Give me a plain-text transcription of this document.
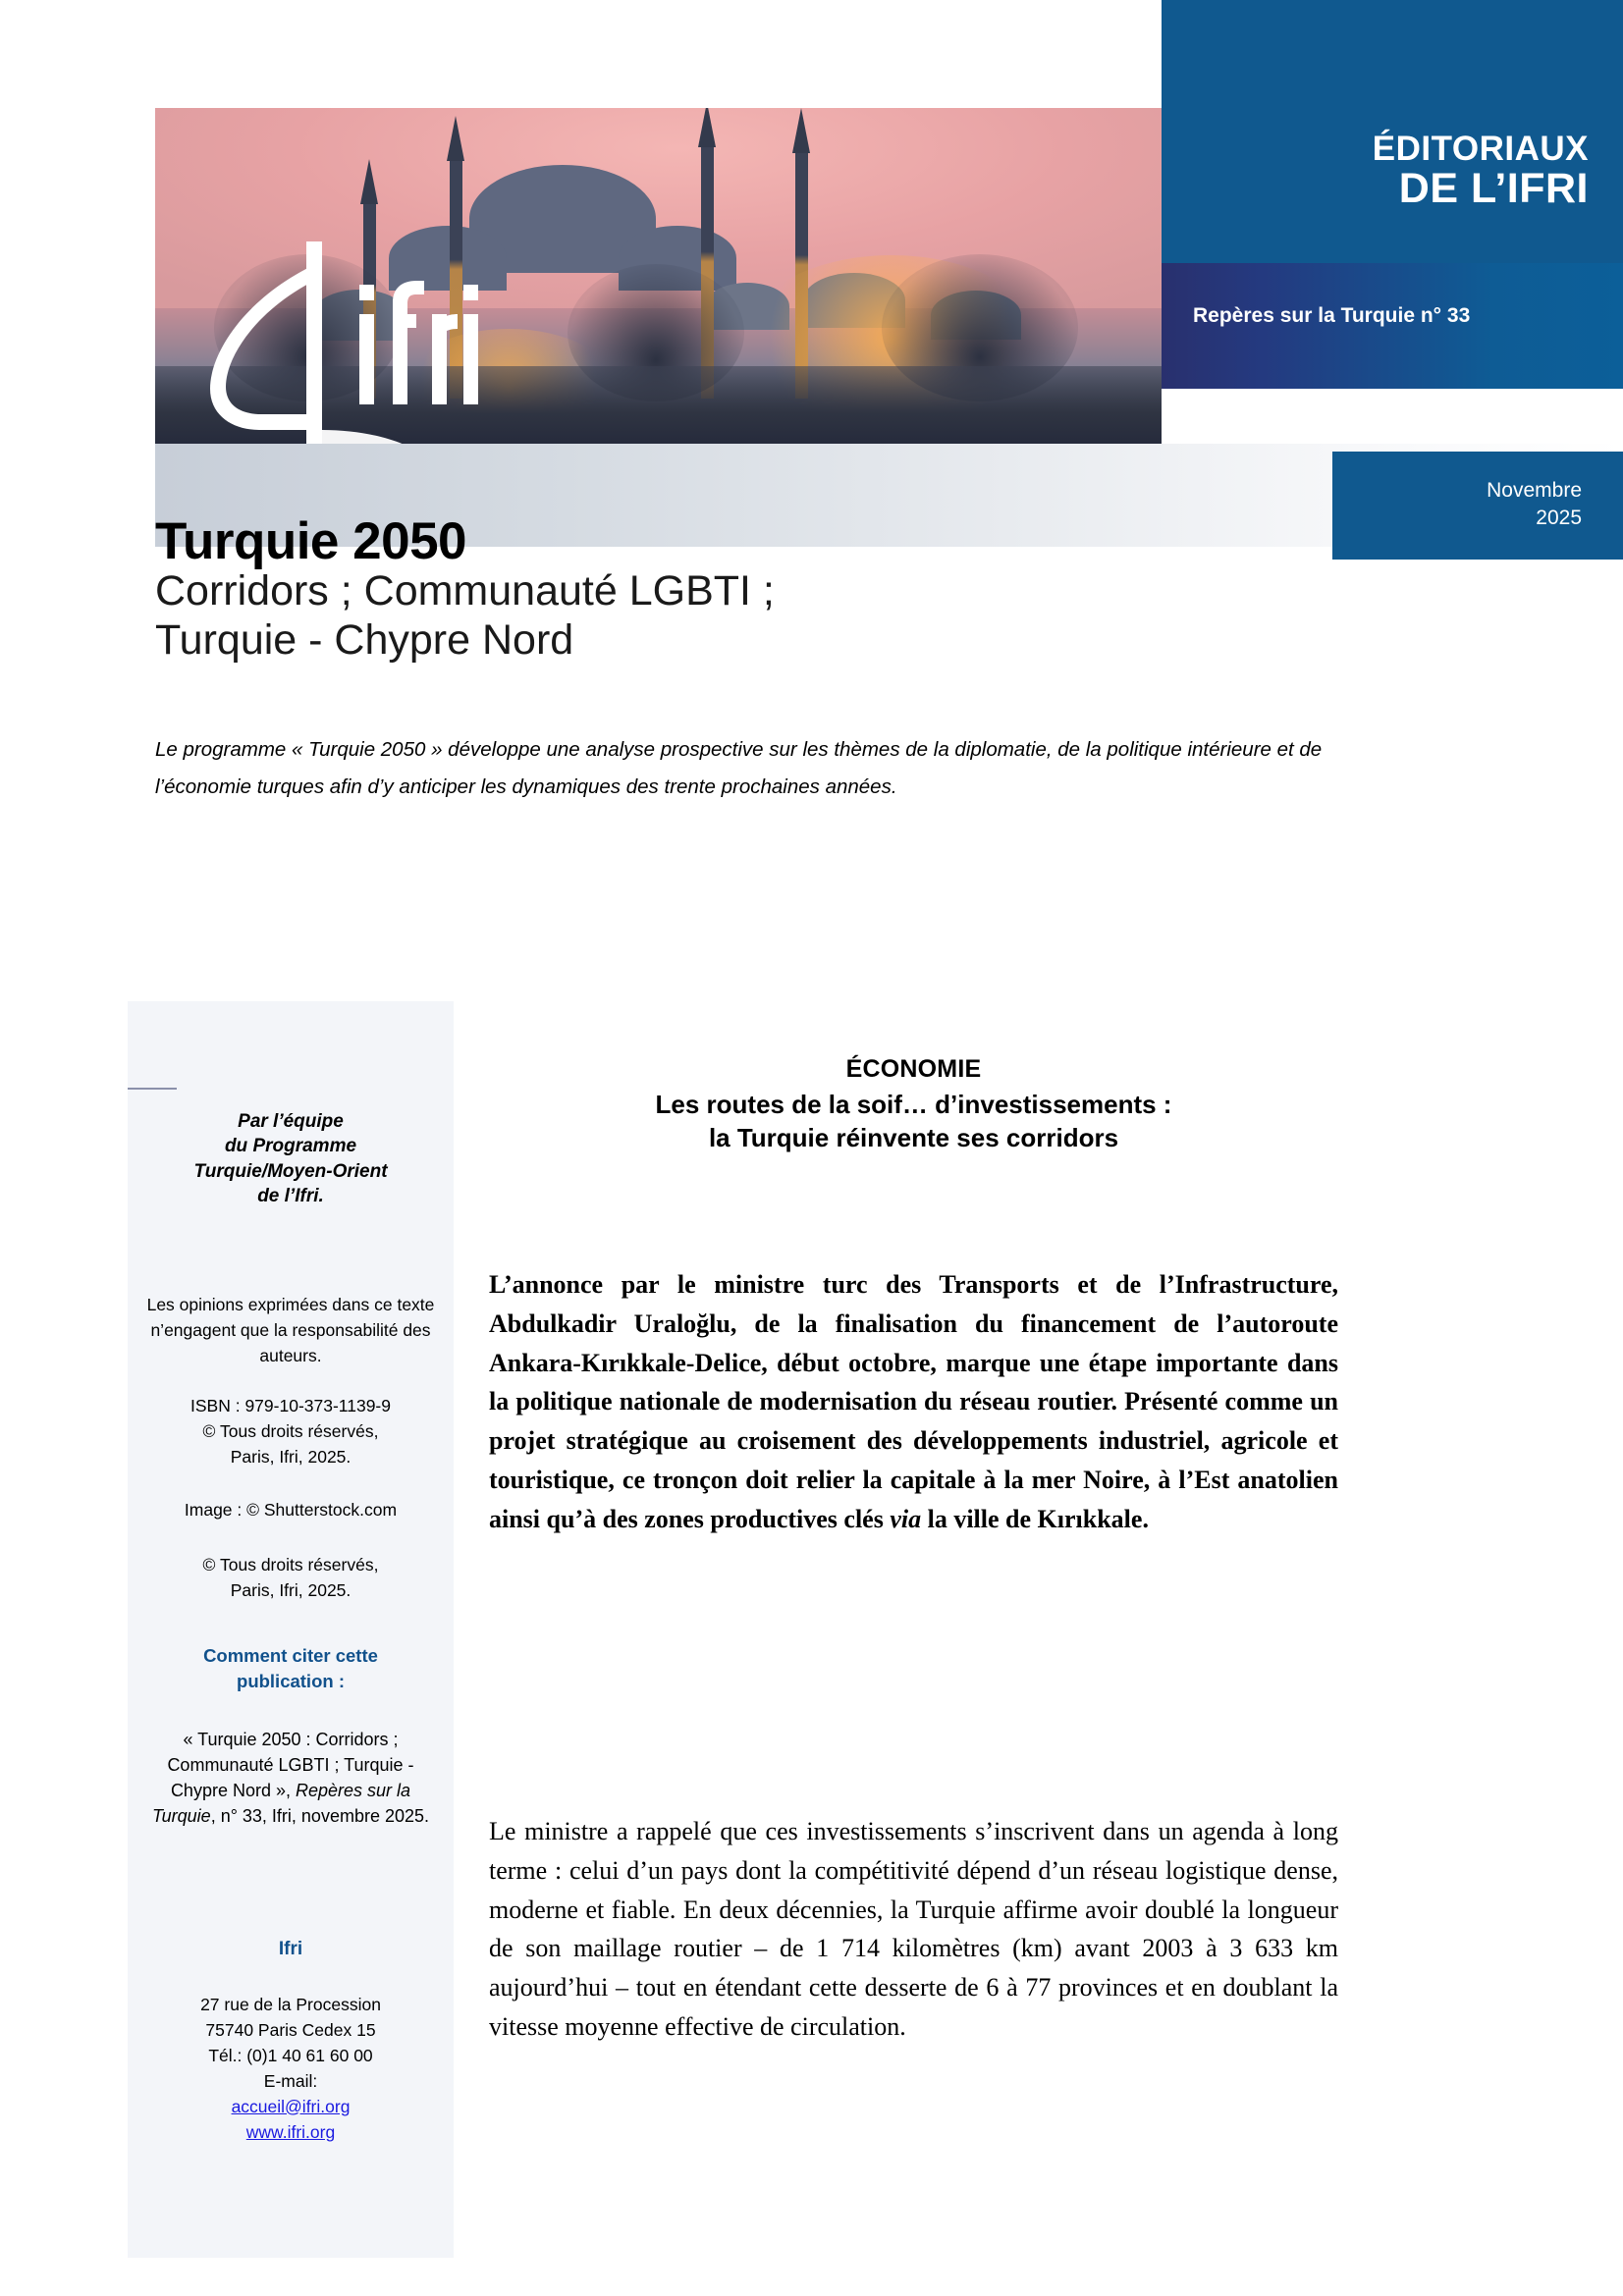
ÉDITORIAUX
DE L’IFRI
Repères sur la Turquie n° 33
Novembre
2025
Turquie 2050
Corridors ; Communauté LGBTI ;
Turquie - Chypre Nord
Le programme « Turquie 2050 » développe une analyse prospective sur les thèmes de la diplomatie, de la politique intérieure et de l’économie turques afin d’y anticiper les dynamiques des trente prochaines années.
Par l’équipe
du Programme
Turquie/Moyen-Orient
de l’Ifri.
Les opinions exprimées dans ce texte n’engagent que la responsabilité des auteurs.
ISBN : 979-10-373-1139-9
© Tous droits réservés,
Paris, Ifri, 2025.
Image : © Shutterstock.com
© Tous droits réservés,
Paris, Ifri, 2025.
Comment citer cette
publication :
« Turquie 2050 : Corridors ; Communauté LGBTI ; Turquie - Chypre Nord », Repères sur la Turquie, n° 33, Ifri, novembre 2025.
Ifri
27 rue de la Procession
75740 Paris Cedex 15
Tél.: (0)1 40 61 60 00
E-mail:
accueil@ifri.org
www.ifri.org
ÉCONOMIE
Les routes de la soif… d’investissements :
la Turquie réinvente ses corridors

L’annonce par le ministre turc des Transports et de l’Infrastructure, Abdulkadir Uraloğlu, de la finalisation du financement de l’autoroute Ankara-Kırıkkale-Delice, début octobre, marque une étape importante dans la politique nationale de modernisation du réseau routier. Présenté comme un projet stratégique au croisement des développements industriel, agricole et touristique, ce tronçon doit relier la capitale à la mer Noire, à l’Est anatolien ainsi qu’à des zones productives clés via la ville de Kırıkkale.

Le ministre a rappelé que ces investissements s’inscrivent dans un agenda à long terme : celui d’un pays dont la compétitivité dépend d’un réseau logistique dense, moderne et fiable. En deux décennies, la Turquie affirme avoir doublé la longueur de son maillage routier – de 1 714 kilomètres (km) avant 2003 à 3 633 km aujourd’hui – tout en étendant cette desserte de 6 à 77 provinces et en doublant la vitesse moyenne effective de circulation.
